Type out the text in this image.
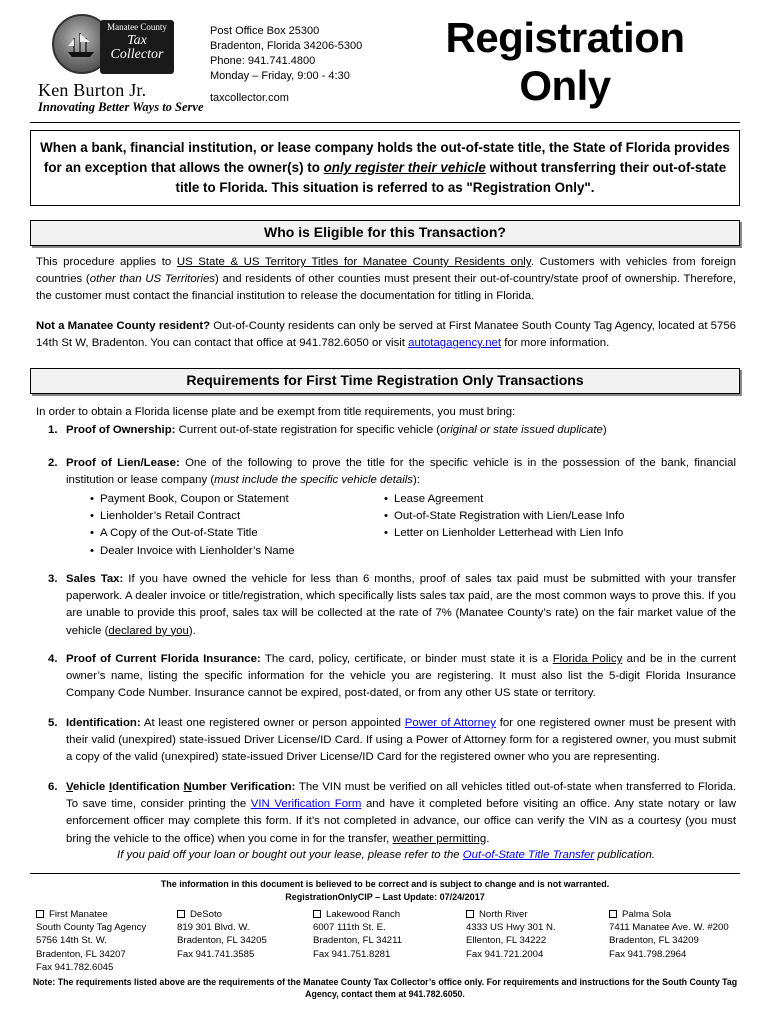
Manatee County
Tax
Collector
Ken Burton Jr.
Innovating Better Ways to Serve
Post Office Box 25300
Bradenton, Florida 34206-5300
Phone: 941.741.4800
Monday – Friday, 9:00 - 4:30
taxcollector.com
Registration
Only
When a bank, financial institution, or lease company holds the out-of-state title, the State of Florida provides for an exception that allows the owner(s) to only register their vehicle without transferring their out-of-state title to Florida. This situation is referred to as "Registration Only".
Who is Eligible for this Transaction?
This procedure applies to US State & US Territory Titles for Manatee County Residents only. Customers with vehicles from foreign countries (other than US Territories) and residents of other counties must present their out-of-country/state proof of ownership. Therefore, the customer must contact the financial institution to release the documentation for titling in Florida.
Not a Manatee County resident? Out-of-County residents can only be served at First Manatee South County Tag Agency, located at 5756 14th St W, Bradenton. You can contact that office at 941.782.6050 or visit autotagagency.net for more information.
Requirements for First Time Registration Only Transactions
In order to obtain a Florida license plate and be exempt from title requirements, you must bring:
1. Proof of Ownership: Current out-of-state registration for specific vehicle (original or state issued duplicate)
2. Proof of Lien/Lease: One of the following to prove the title for the specific vehicle is in the possession of the bank, financial institution or lease company (must include the specific vehicle details):
• Payment Book, Coupon or Statement
• Lienholder’s Retail Contract
• A Copy of the Out-of-State Title
• Dealer Invoice with Lienholder’s Name
• Lease Agreement
• Out-of-State Registration with Lien/Lease Info
• Letter on Lienholder Letterhead with Lien Info
3. Sales Tax: If you have owned the vehicle for less than 6 months, proof of sales tax paid must be submitted with your transfer paperwork. A dealer invoice or title/registration, which specifically lists sales tax paid, are the most common ways to prove this. If you are unable to provide this proof, sales tax will be collected at the rate of 7% (Manatee County’s rate) on the fair market value of the vehicle (declared by you).
4. Proof of Current Florida Insurance: The card, policy, certificate, or binder must state it is a Florida Policy and be in the current owner’s name, listing the specific information for the vehicle you are registering. It must also list the 5-digit Florida Insurance Company Code Number. Insurance cannot be expired, post-dated, or from any other US state or territory.
5. Identification: At least one registered owner or person appointed Power of Attorney for one registered owner must be present with their valid (unexpired) state-issued Driver License/ID Card. If using a Power of Attorney form for a registered owner, you must submit a copy of the valid (unexpired) state-issued Driver License/ID Card for the registered owner who you are representing.
6. Vehicle Identification Number Verification: The VIN must be verified on all vehicles titled out-of-state when transferred to Florida. To save time, consider printing the VIN Verification Form and have it completed before visiting an office. Any state notary or law enforcement officer may complete this form. If it’s not completed in advance, our office can verify the VIN as a courtesy (you must bring the vehicle to the office) when you come in for the transfer, weather permitting.
If you paid off your loan or bought out your lease, please refer to the Out-of-State Title Transfer publication.
The information in this document is believed to be correct and is subject to change and is not warranted.
RegistrationOnlyCIP – Last Update: 07/24/2017
First Manatee
South County Tag Agency
5756 14th St. W.
Bradenton, FL 34207
Fax 941.782.6045
DeSoto
819 301 Blvd. W.
Bradenton, FL 34205
Fax 941.741.3585
Lakewood Ranch
6007 111th St. E.
Bradenton, FL 34211
Fax 941.751.8281
North River
4333 US Hwy 301 N.
Ellenton, FL 34222
Fax 941.721.2004
Palma Sola
7411 Manatee Ave. W. #200
Bradenton, FL 34209
Fax 941.798.2964
Note: The requirements listed above are the requirements of the Manatee County Tax Collector’s office only. For requirements and instructions for the South County Tag Agency, contact them at 941.782.6050.
